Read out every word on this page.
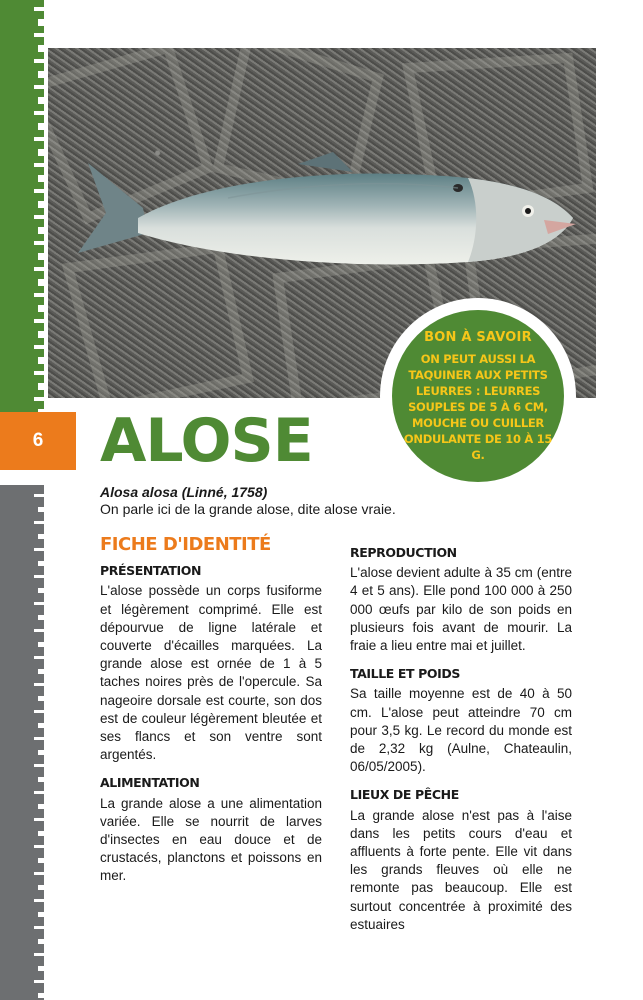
6
BON À SAVOIR
ON PEUT AUSSI LA TAQUINER AUX PETITS LEURRES : LEURRES SOUPLES DE 5 À 6 CM, MOUCHE OU CUILLER ONDULANTE DE 10 À 15 G.
ALOSE
Alosa alosa (Linné, 1758)
On parle ici de la grande alose, dite alose vraie.
FICHE D'IDENTITÉ
PRÉSENTATION

L'alose possède un corps fusiforme et légèrement comprimé. Elle est dépourvue de ligne latérale et couverte d'écailles marquées. La grande alose est ornée de 1 à 5 taches noires près de l'opercule. Sa nageoire dorsale est courte, son dos est de couleur légèrement bleutée et ses flancs et son ventre sont argentés.

ALIMENTATION

La grande alose a une alimentation variée. Elle se nourrit de larves d'insectes en eau douce et de crustacés, planctons et poissons en mer.

REPRODUCTION

L'alose devient adulte à 35 cm (entre 4 et 5 ans). Elle pond 100 000 à 250 000 œufs par kilo de son poids en plusieurs fois avant de mourir. La fraie a lieu entre mai et juillet.

TAILLE ET POIDS

Sa taille moyenne est de 40 à 50 cm. L'alose peut atteindre 70 cm pour 3,5 kg. Le record du monde est de 2,32 kg (Aulne, Chateaulin, 06/05/2005).

LIEUX DE PÊCHE

La grande alose n'est pas à l'aise dans les petits cours d'eau et affluents à forte pente. Elle vit dans les grands fleuves où elle ne remonte pas beaucoup. Elle est surtout concentrée à proximité des estuaires
